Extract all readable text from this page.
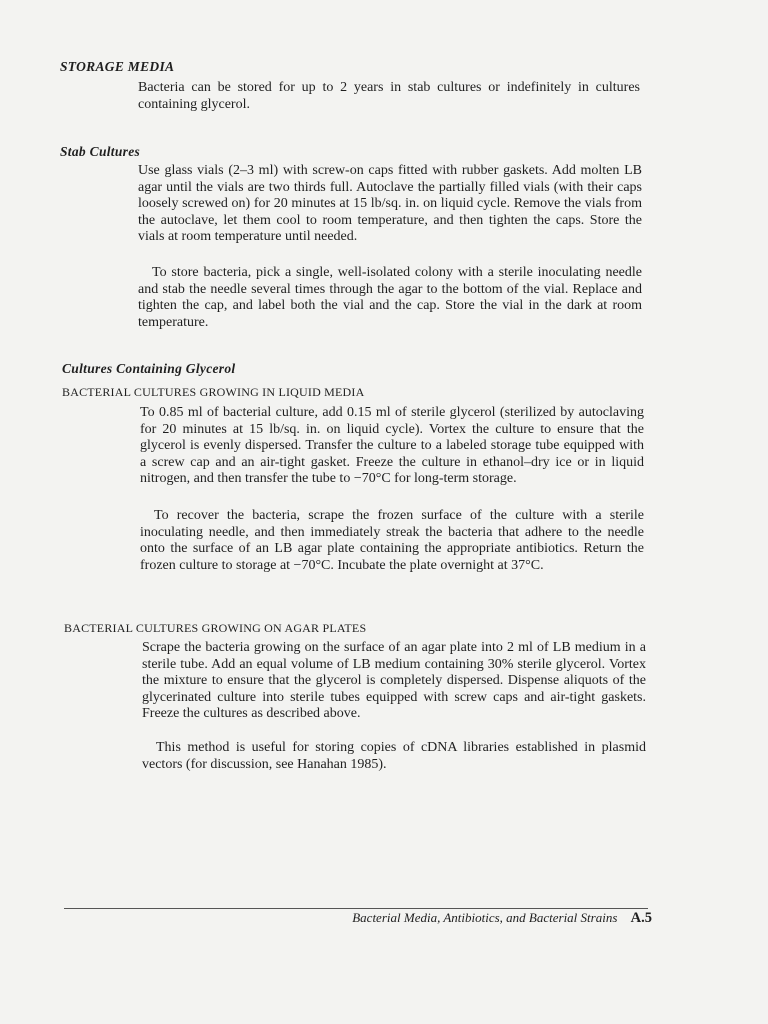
STORAGE MEDIA

Bacteria can be stored for up to 2 years in stab cultures or indefinitely in cultures containing glycerol.

Stab Cultures

Use glass vials (2–3 ml) with screw-on caps fitted with rubber gaskets. Add molten LB agar until the vials are two thirds full. Autoclave the partially filled vials (with their caps loosely screwed on) for 20 minutes at 15 lb/sq. in. on liquid cycle. Remove the vials from the autoclave, let them cool to room temperature, and then tighten the caps. Store the vials at room temperature until needed.

To store bacteria, pick a single, well-isolated colony with a sterile inoculating needle and stab the needle several times through the agar to the bottom of the vial. Replace and tighten the cap, and label both the vial and the cap. Store the vial in the dark at room temperature.

Cultures Containing Glycerol
BACTERIAL CULTURES GROWING IN LIQUID MEDIA

To 0.85 ml of bacterial culture, add 0.15 ml of sterile glycerol (sterilized by autoclaving for 20 minutes at 15 lb/sq. in. on liquid cycle). Vortex the culture to ensure that the glycerol is evenly dispersed. Transfer the culture to a labeled storage tube equipped with a screw cap and an air-tight gasket. Freeze the culture in ethanol–dry ice or in liquid nitrogen, and then transfer the tube to −70°C for long-term storage.

To recover the bacteria, scrape the frozen surface of the culture with a sterile inoculating needle, and then immediately streak the bacteria that adhere to the needle onto the surface of an LB agar plate containing the appropriate antibiotics. Return the frozen culture to storage at −70°C. Incubate the plate overnight at 37°C.

BACTERIAL CULTURES GROWING ON AGAR PLATES

Scrape the bacteria growing on the surface of an agar plate into 2 ml of LB medium in a sterile tube. Add an equal volume of LB medium containing 30% sterile glycerol. Vortex the mixture to ensure that the glycerol is completely dispersed. Dispense aliquots of the glycerinated culture into sterile tubes equipped with screw caps and air-tight gaskets. Freeze the cultures as described above.

This method is useful for storing copies of cDNA libraries established in plasmid vectors (for discussion, see Hanahan 1985).

Bacterial Media, Antibiotics, and Bacterial Strains A.5
